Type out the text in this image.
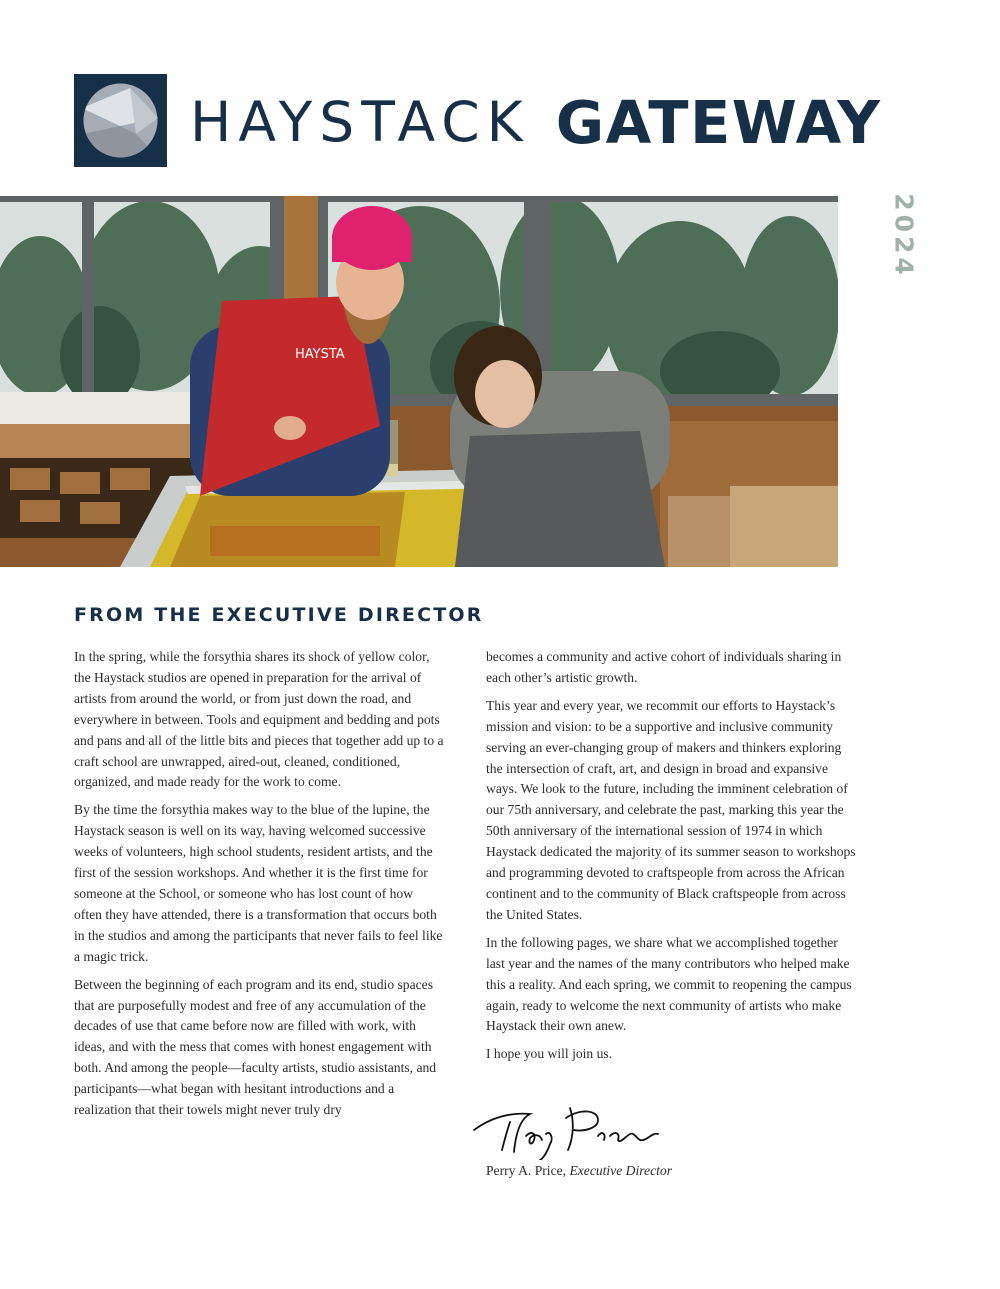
HAYSTACK GATEWAY
2024
HAYSTA
FROM THE EXECUTIVE DIRECTOR

In the spring, while the forsythia shares its shock of yellow color, the Haystack studios are opened in preparation for the arrival of artists from around the world, or from just down the road, and everywhere in between. Tools and equipment and bedding and pots and pans and all of the little bits and pieces that together add up to a craft school are unwrapped, aired-out, cleaned, conditioned, organized, and made ready for the work to come.

By the time the forsythia makes way to the blue of the lupine, the Haystack season is well on its way, having welcomed successive weeks of volunteers, high school students, resident artists, and the first of the session workshops. And whether it is the first time for someone at the School, or someone who has lost count of how often they have attended, there is a transformation that occurs both in the studios and among the participants that never fails to feel like a magic trick.

Between the beginning of each program and its end, studio spaces that are purposefully modest and free of any accumulation of the decades of use that came before now are filled with work, with ideas, and with the mess that comes with honest engagement with both. And among the people—faculty artists, studio assistants, and participants—what began with hesitant introductions and a realization that their towels might never truly dry

becomes a community and active cohort of individuals sharing in each other’s artistic growth.

This year and every year, we recommit our efforts to Haystack’s mission and vision: to be a supportive and inclusive community serving an ever-changing group of makers and thinkers exploring the intersection of craft, art, and design in broad and expansive ways. We look to the future, including the imminent celebration of our 75th anniversary, and celebrate the past, marking this year the 50th anniversary of the international session of 1974 in which Haystack dedicated the majority of its summer season to workshops and programming devoted to craftspeople from across the African continent and to the community of Black craftspeople from across the United States.

In the following pages, we share what we accomplished together last year and the names of the many contributors who helped make this a reality. And each spring, we commit to reopening the campus again, ready to welcome the next community of artists who make Haystack their own anew.

I hope you will join us.

Perry A. Price, Executive Director
